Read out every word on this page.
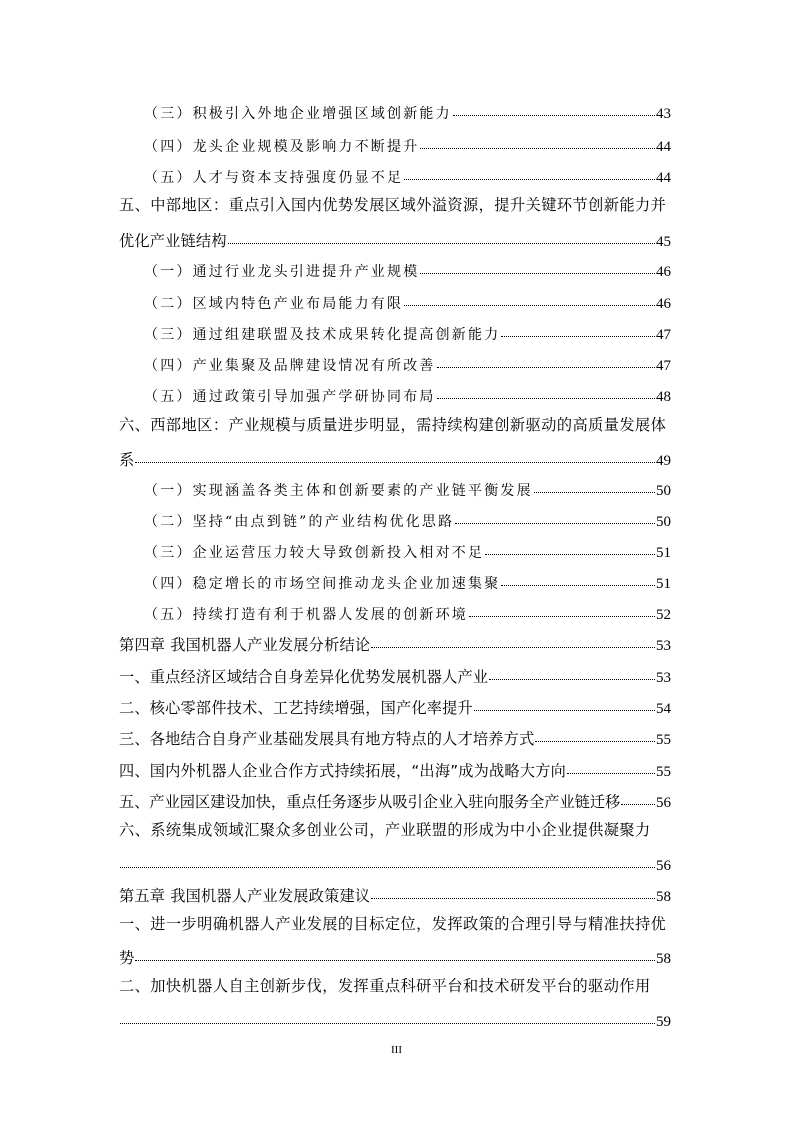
（三）积极引入外地企业增强区域创新能力	43
（四）龙头企业规模及影响力不断提升	44
（五）人才与资本支持强度仍显不足	44
五、中部地区：重点引入国内优势发展区域外溢资源，提升关键环节创新能力并
优化产业链结构	45
（一）通过行业龙头引进提升产业规模	46
（二）区域内特色产业布局能力有限	46
（三）通过组建联盟及技术成果转化提高创新能力	47
（四）产业集聚及品牌建设情况有所改善	47
（五）通过政策引导加强产学研协同布局	48
六、西部地区：产业规模与质量进步明显，需持续构建创新驱动的高质量发展体
系	49
（一）实现涵盖各类主体和创新要素的产业链平衡发展	50
（二）坚持“由点到链”的产业结构优化思路	50
（三）企业运营压力较大导致创新投入相对不足	51
（四）稳定增长的市场空间推动龙头企业加速集聚	51
（五）持续打造有利于机器人发展的创新环境	52
第四章 我国机器人产业发展分析结论	53
一、重点经济区域结合自身差异化优势发展机器人产业	53
二、核心零部件技术、工艺持续增强，国产化率提升	54
三、各地结合自身产业基础发展具有地方特点的人才培养方式	55
四、国内外机器人企业合作方式持续拓展，“出海”成为战略大方向	55
五、产业园区建设加快，重点任务逐步从吸引企业入驻向服务全产业链迁移 56
六、系统集成领域汇聚众多创业公司，产业联盟的形成为中小企业提供凝聚力
56
第五章 我国机器人产业发展政策建议	58
一、进一步明确机器人产业发展的目标定位，发挥政策的合理引导与精准扶持优
势	58
二、加快机器人自主创新步伐，发挥重点科研平台和技术研发平台的驱动作用
59
III
